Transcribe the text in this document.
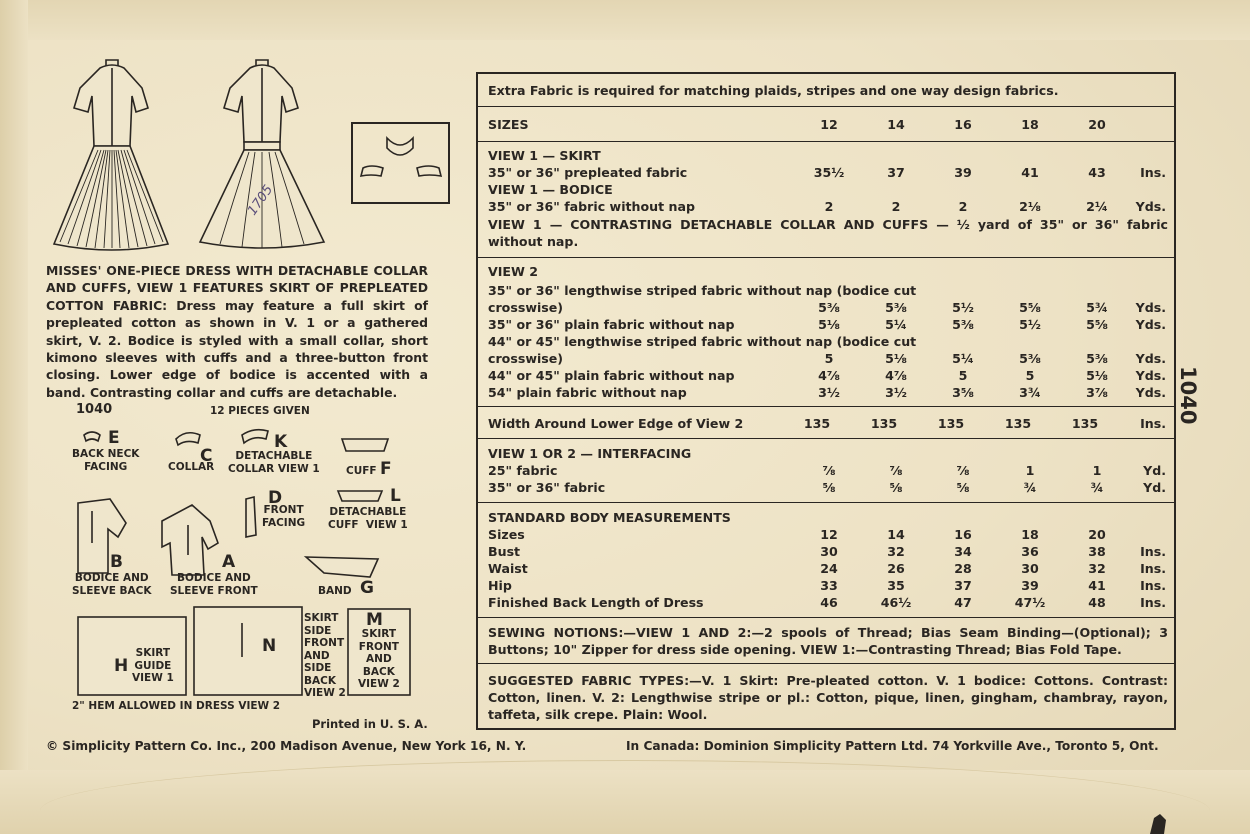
1705
MISSES' ONE-PIECE DRESS WITH DETACHABLE COLLAR AND CUFFS, VIEW 1 FEATURES SKIRT OF PREPLEATED COTTON FABRIC: Dress may feature a full skirt of prepleated cotton as shown in V. 1 or a gathered skirt, V. 2. Bodice is styled with a small collar, short kimono sleeves with cuffs and a three-button front closing. Lower edge of bodice is accented with a band. Contrasting collar and cuffs are detachable.
1040	12 PIECES GIVEN
E
BACK NECK
FACING
C
COLLAR
K
DETACHABLE
COLLAR VIEW 1	CUFF F
D
FRONT
FACING
L
DETACHABLE
CUFF  VIEW 1
B
BODICE AND
SLEEVE BACK
A
BODICE AND
SLEEVE FRONT	BAND G
H
SKIRT
GUIDE
VIEW 1
N
SKIRT
SIDE
FRONT
AND
SIDE
BACK
VIEW 2
M
SKIRT
FRONT
AND
BACK
VIEW 2
2" HEM ALLOWED IN DRESS VIEW 2
Printed in U. S. A.
Extra Fabric is required for matching plaids, stripes and one way design fabrics.
SIZES	12	14	16	18	20
VIEW 1 — SKIRT
35" or 36" prepleated fabric	35½	37	39	41	43	Ins.
VIEW 1 — BODICE
35" or 36" fabric without nap	2	2	2	2⅛	2¼	Yds.
VIEW 1 — CONTRASTING DETACHABLE COLLAR AND CUFFS — ½ yard of 35" or 36" fabric without nap.
VIEW 2
35" or 36" lengthwise striped fabric without nap (bodice cut
crosswise)	5⅜	5⅜	5½	5⅝	5¾	Yds.
35" or 36" plain fabric without nap	5⅛	5¼	5⅜	5½	5⅝	Yds.
44" or 45" lengthwise striped fabric without nap (bodice cut
crosswise)	5	5⅛	5¼	5⅜	5⅜	Yds.
44" or 45" plain fabric without nap	4⅞	4⅞	5	5	5⅛	Yds.
54" plain fabric without nap	3½	3½	3⅝	3¾	3⅞	Yds.
Width Around Lower Edge of View 2	135	135	135	135	135	Ins.
VIEW 1 OR 2 — INTERFACING
25" fabric	⅞	⅞	⅞	1	1	Yd.
35" or 36" fabric	⅝	⅝	⅝	¾	¾	Yd.
STANDARD BODY MEASUREMENTS
Sizes	12	14	16	18	20
Bust	30	32	34	36	38	Ins.
Waist	24	26	28	30	32	Ins.
Hip	33	35	37	39	41	Ins.
Finished Back Length of Dress	46	46½	47	47½	48	Ins.
SEWING NOTIONS:—VIEW 1 AND 2:—2 spools of Thread; Bias Seam Binding—(Optional); 3 Buttons; 10" Zipper for dress side opening. VIEW 1:—Contrasting Thread; Bias Fold Tape.
SUGGESTED FABRIC TYPES:—V. 1 Skirt: Pre-pleated cotton. V. 1 bodice: Cottons. Contrast: Cotton, linen. V. 2: Lengthwise stripe or pl.: Cotton, pique, linen, gingham, chambray, rayon, taffeta, silk crepe. Plain: Wool.
1040
© Simplicity Pattern Co. Inc., 200 Madison Avenue, New York 16, N. Y.	In Canada: Dominion Simplicity Pattern Ltd. 74 Yorkville Ave., Toronto 5, Ont.
